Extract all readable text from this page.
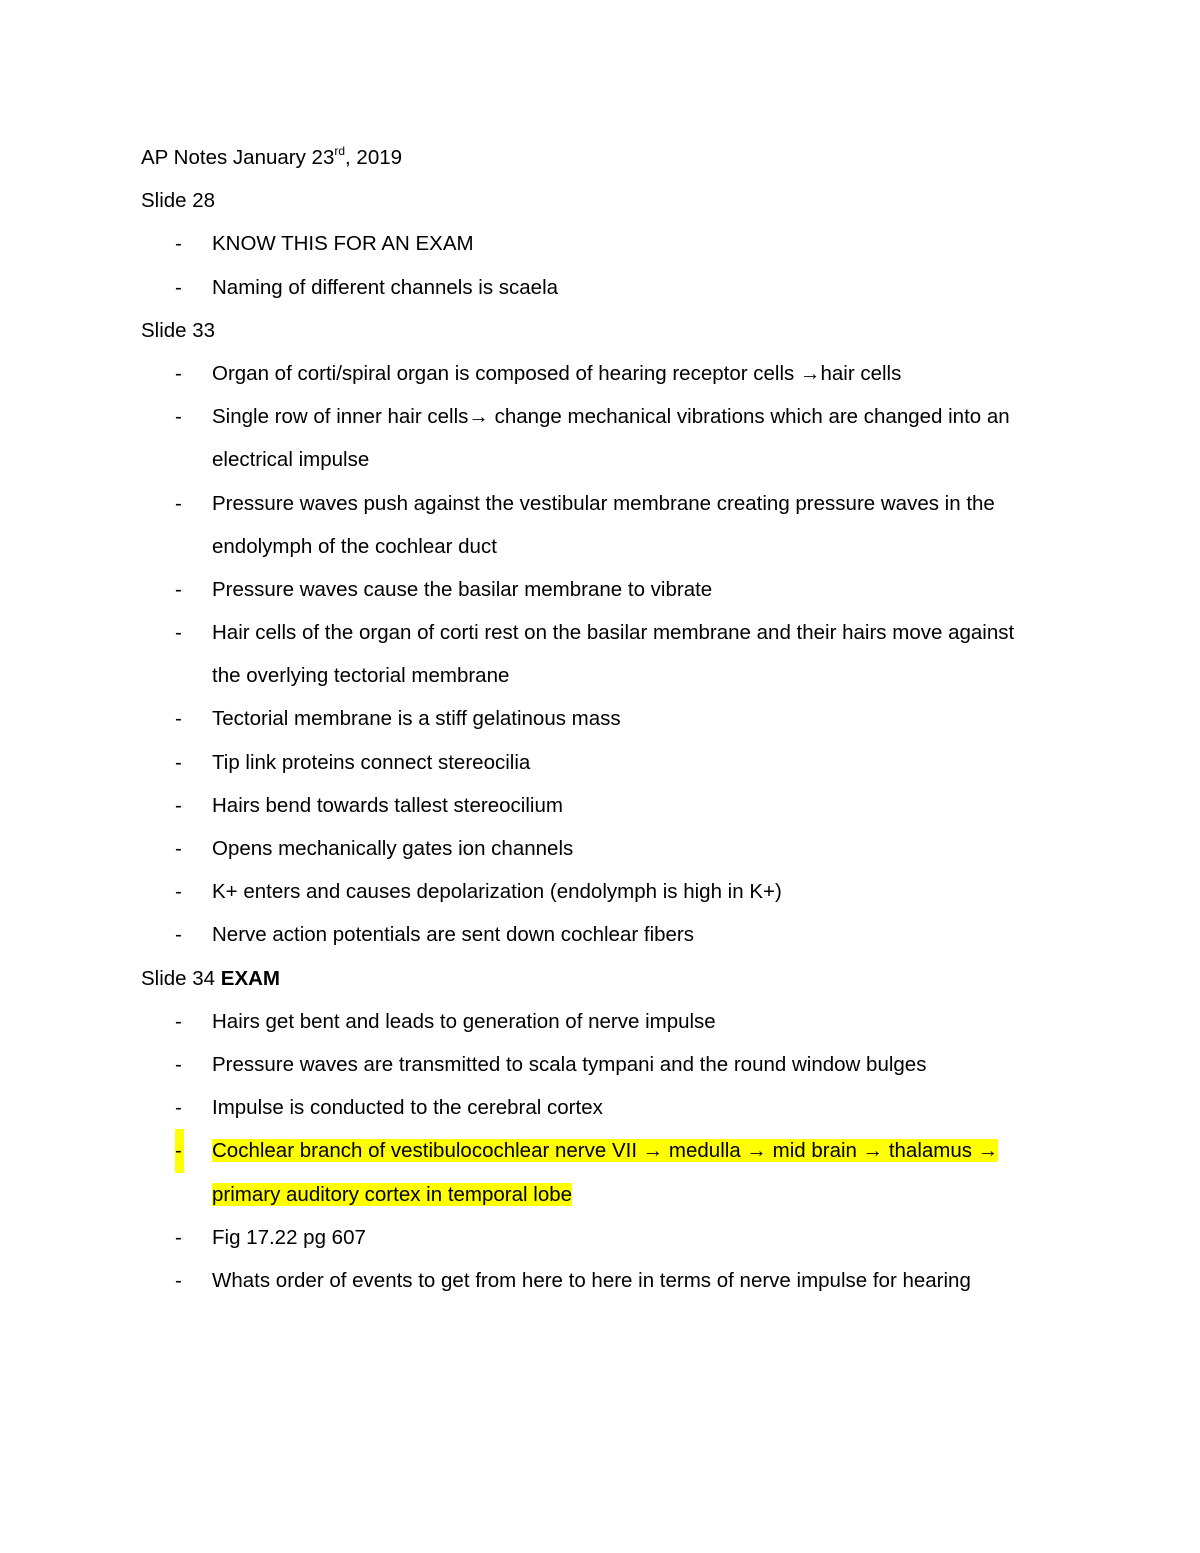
AP Notes January 23rd, 2019
Slide 28
- KNOW THIS FOR AN EXAM
- Naming of different channels is scaela
Slide 33
- Organ of corti/spiral organ is composed of hearing receptor cells →hair cells
- Single row of inner hair cells→ change mechanical vibrations which are changed into an
electrical impulse
- Pressure waves push against the vestibular membrane creating pressure waves in the
endolymph of the cochlear duct
- Pressure waves cause the basilar membrane to vibrate
- Hair cells of the organ of corti rest on the basilar membrane and their hairs move against
the overlying tectorial membrane
- Tectorial membrane is a stiff gelatinous mass
- Tip link proteins connect stereocilia
- Hairs bend towards tallest stereocilium
- Opens mechanically gates ion channels
- K+ enters and causes depolarization (endolymph is high in K+)
- Nerve action potentials are sent down cochlear fibers
Slide 34 EXAM
- Hairs get bent and leads to generation of nerve impulse
- Pressure waves are transmitted to scala tympani and the round window bulges
- Impulse is conducted to the cerebral cortex
- Cochlear branch of vestibulocochlear nerve VII → medulla → mid brain → thalamus →
primary auditory cortex in temporal lobe
- Fig 17.22 pg 607
- Whats order of events to get from here to here in terms of nerve impulse for hearing
